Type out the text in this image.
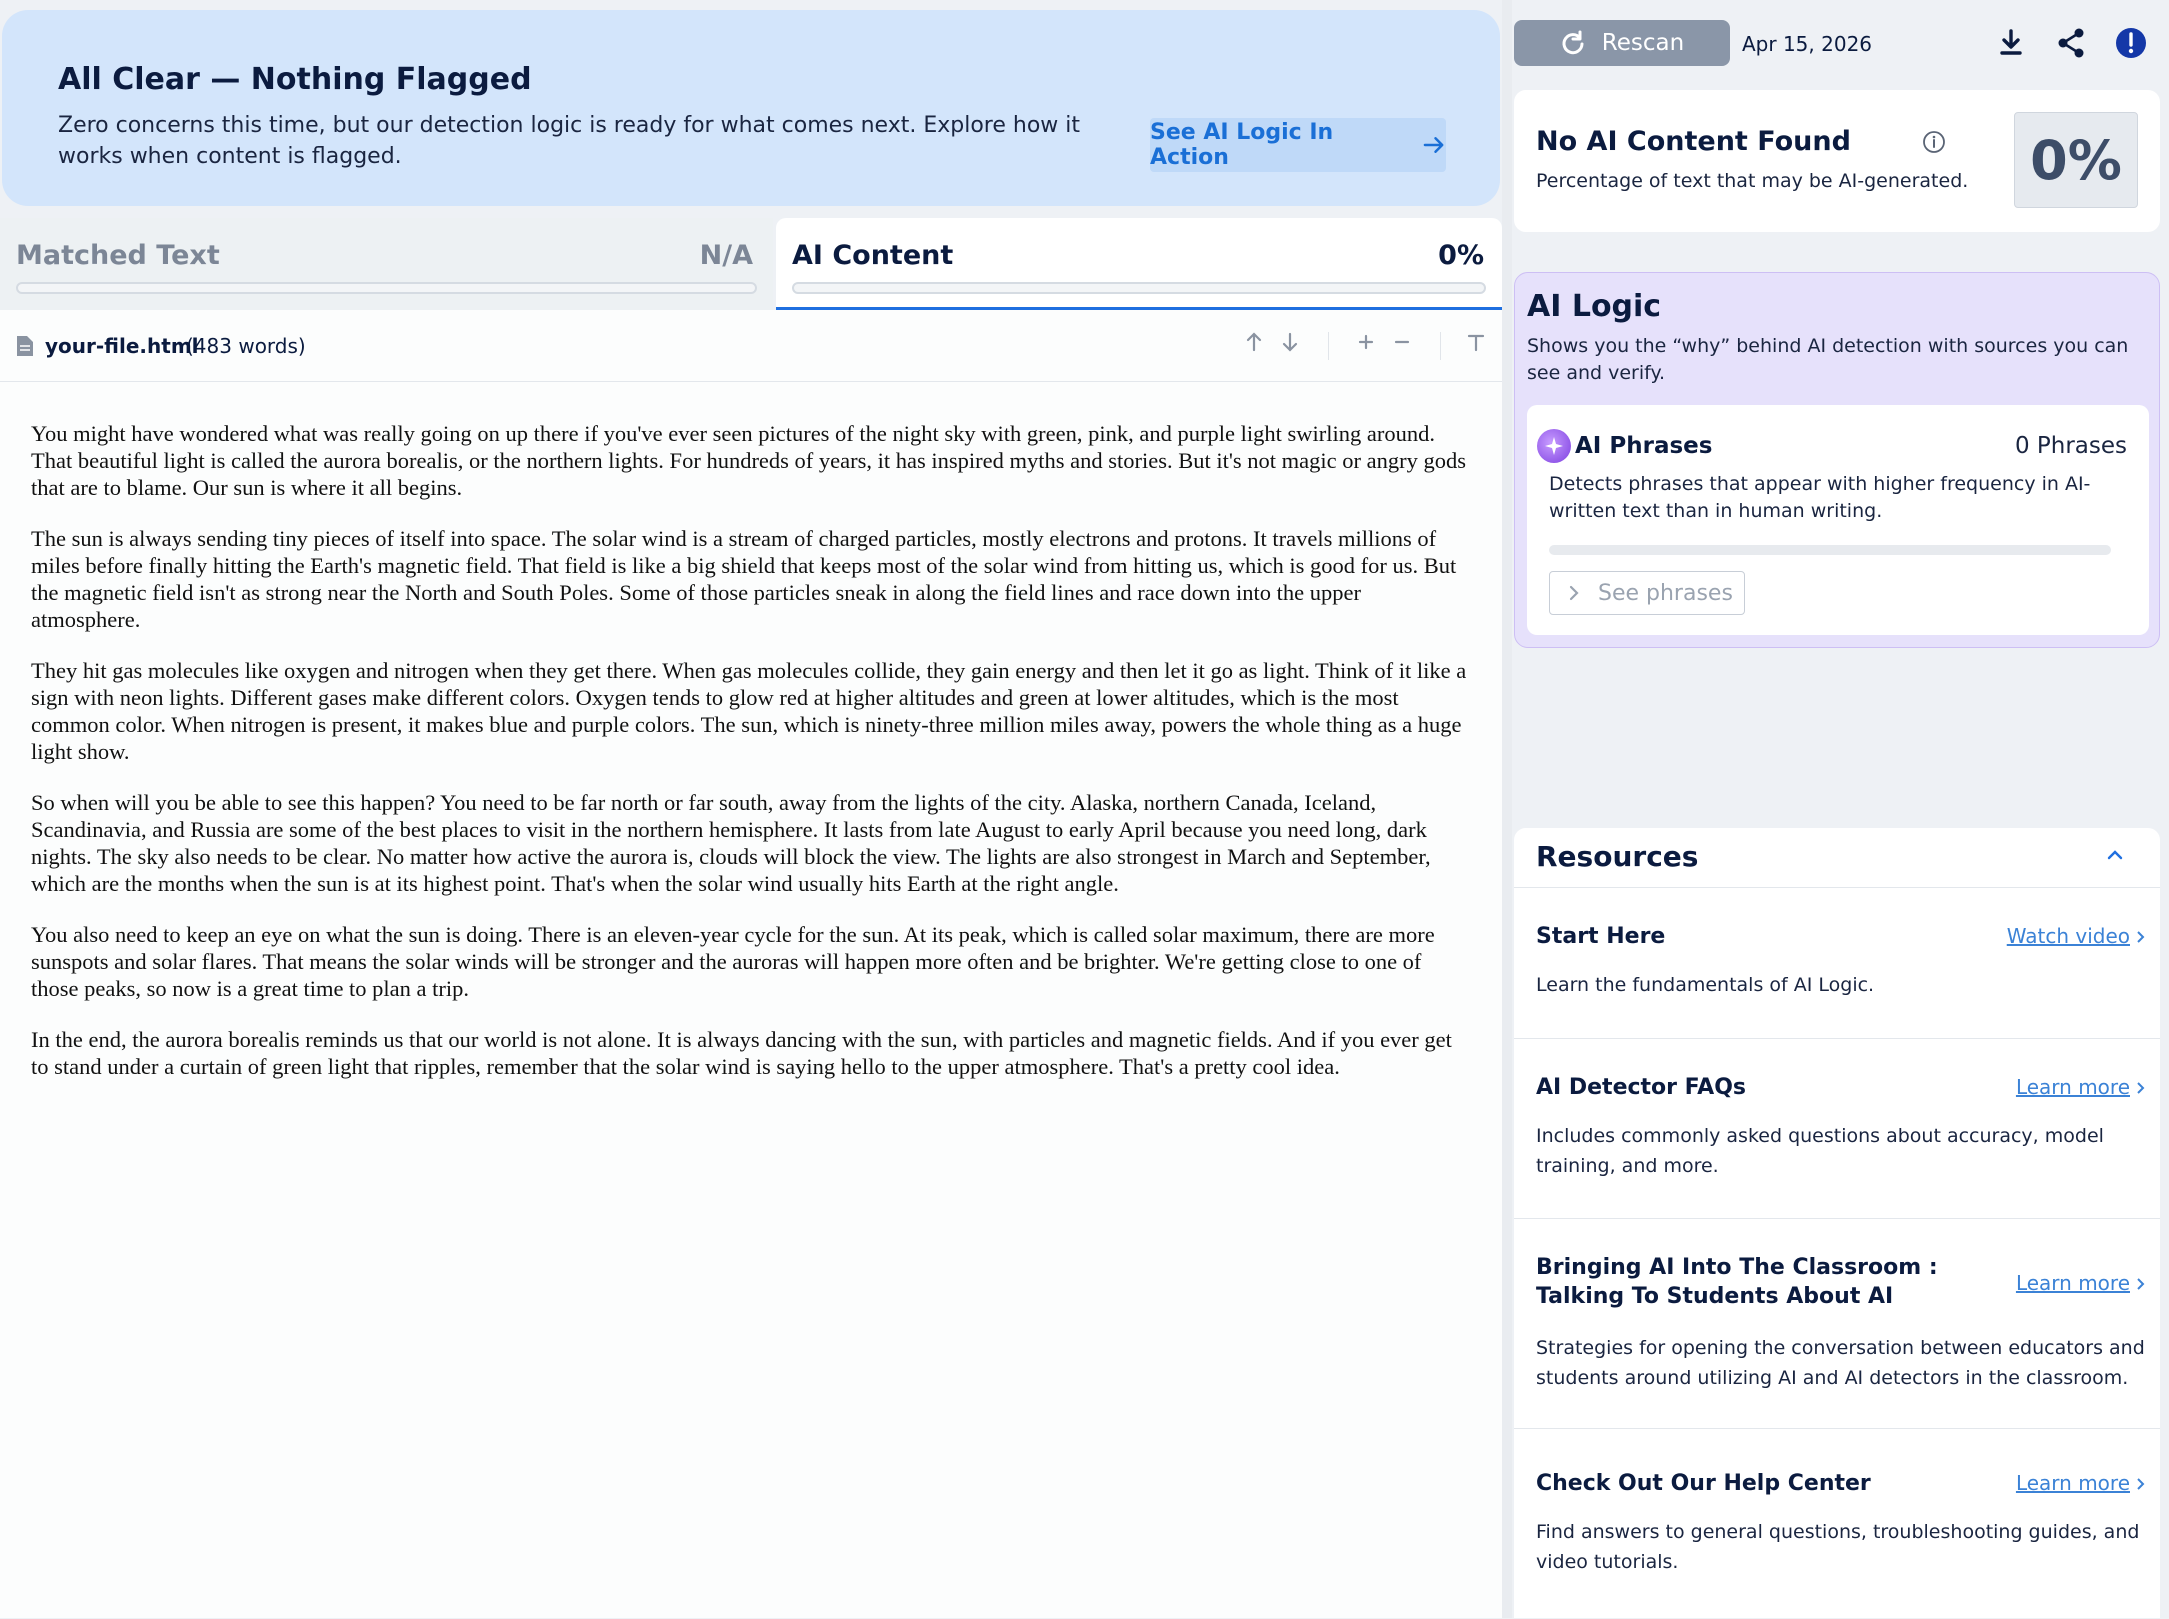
All Clear — Nothing Flagged
Zero concerns this time, but our detection logic is ready for what comes next. Explore how it works when content is flagged.
See AI Logic In Action
Matched Text	N/A AI Content	0%
your-file.html
(483 words)

You might have wondered what was really going on up there if you've ever seen pictures of the night sky with green, pink, and purple light swirling around. That beautiful light is called the aurora borealis, or the northern lights. For hundreds of years, it has inspired myths and stories. But it's not magic or angry gods that are to blame. Our sun is where it all begins.

The sun is always sending tiny pieces of itself into space. The solar wind is a stream of charged particles, mostly electrons and protons. It travels millions of miles before finally hitting the Earth's magnetic field. That field is like a big shield that keeps most of the solar wind from hitting us, which is good for us. But the magnetic field isn't as strong near the North and South Poles. Some of those particles sneak in along the field lines and race down into the upper atmosphere.

They hit gas molecules like oxygen and nitrogen when they get there. When gas molecules collide, they gain energy and then let it go as light. Think of it like a sign with neon lights. Different gases make different colors. Oxygen tends to glow red at higher altitudes and green at lower altitudes, which is the most common color. When nitrogen is present, it makes blue and purple colors. The sun, which is ninety-three million miles away, powers the whole thing as a huge light show.

So when will you be able to see this happen? You need to be far north or far south, away from the lights of the city. Alaska, northern Canada, Iceland, Scandinavia, and Russia are some of the best places to visit in the northern hemisphere. It lasts from late August to early April because you need long, dark nights. The sky also needs to be clear. No matter how active the aurora is, clouds will block the view. The lights are also strongest in March and September, which are the months when the sun is at its highest point. That's when the solar wind usually hits Earth at the right angle.

You also need to keep an eye on what the sun is doing. There is an eleven-year cycle for the sun. At its peak, which is called solar maximum, there are more sunspots and solar flares. That means the solar winds will be stronger and the auroras will happen more often and be brighter. We're getting close to one of those peaks, so now is a great time to plan a trip.

In the end, the aurora borealis reminds us that our world is not alone. It is always dancing with the sun, with particles and magnetic fields. And if you ever get to stand under a curtain of green light that ripples, remember that the solar wind is saying hello to the upper atmosphere. That's a pretty cool idea.

Rescan	Apr 15, 2026
No AI Content Found
Percentage of text that may be AI-generated. 0%
AI Logic
Shows you the “why” behind AI detection with sources you can see and verify.
AI Phrases	0 Phrases
Detects phrases that appear with higher frequency in AI-written text than in human writing.
See phrases
Resources
Start Here	Watch video
Learn the fundamentals of AI Logic.
AI Detector FAQs	Learn more
Includes commonly asked questions about accuracy, model training, and more.
Bringing AI Into The Classroom : Talking To Students About AI
Learn more
Strategies for opening the conversation between educators and students around utilizing AI and AI detectors in the classroom.
Check Out Our Help Center	Learn more
Find answers to general questions, troubleshooting guides, and video tutorials.
